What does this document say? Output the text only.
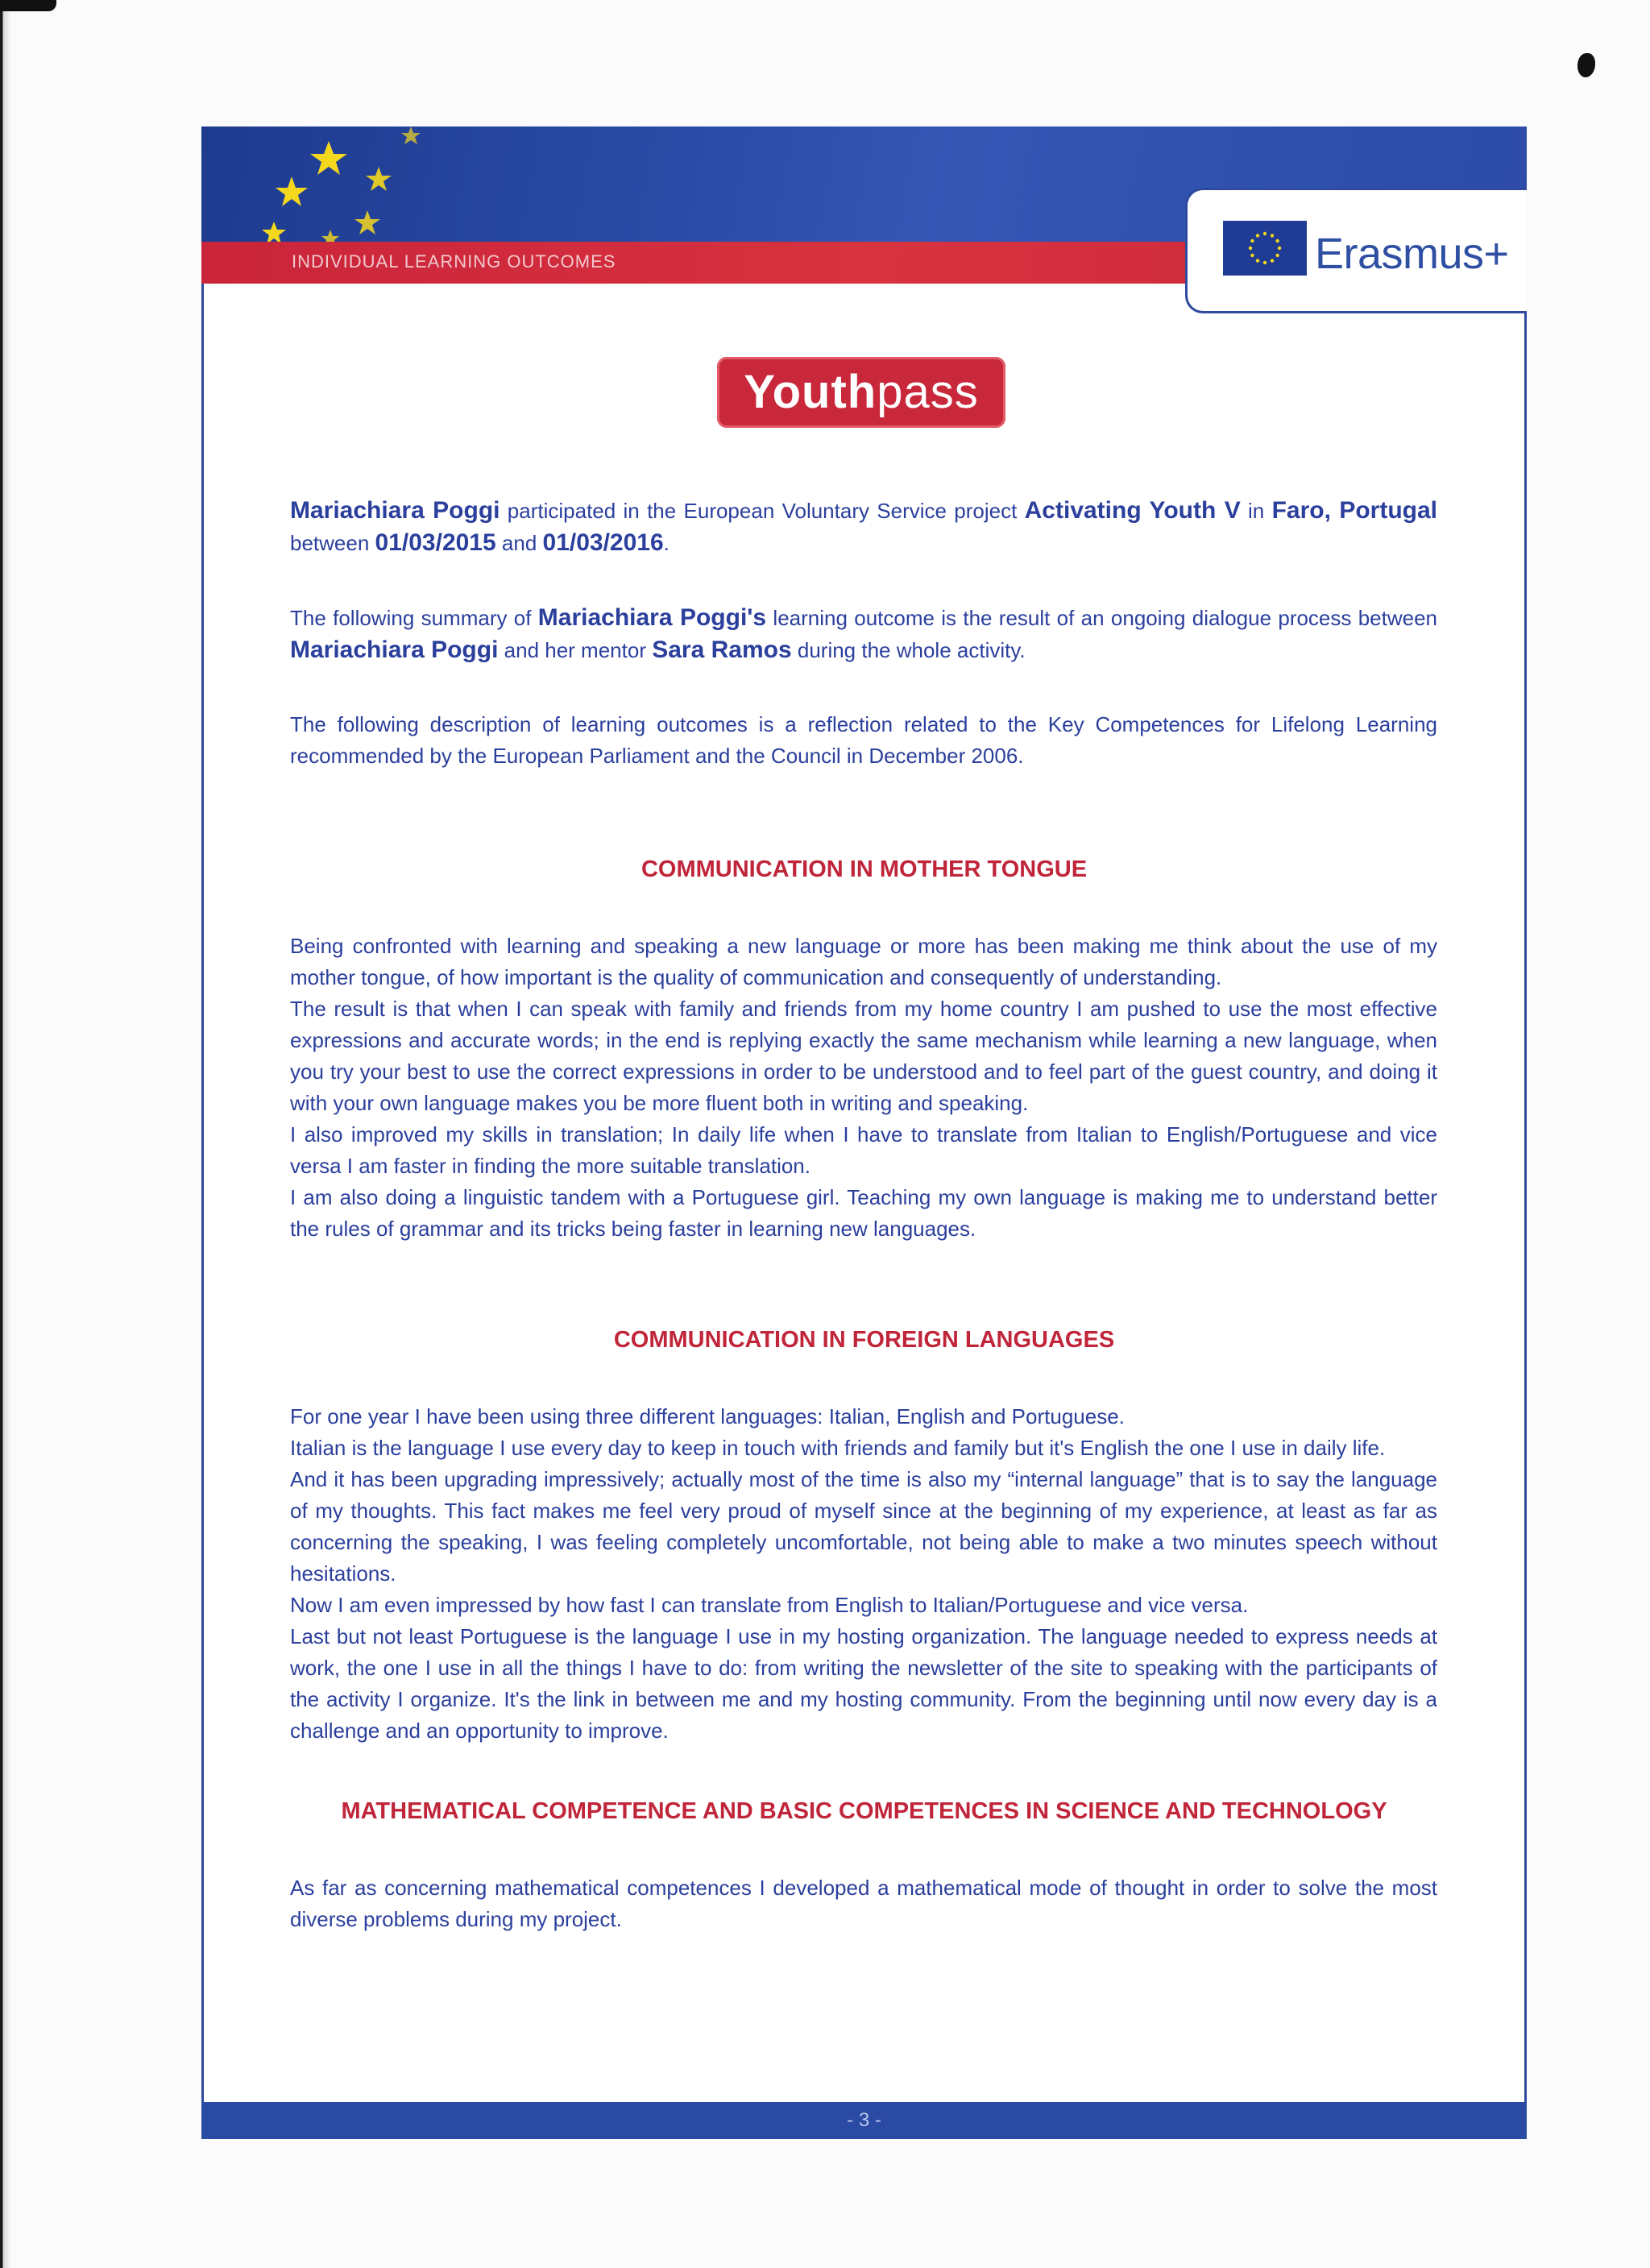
INDIVIDUAL LEARNING OUTCOMES	Erasmus+
Youthpass
Mariachiara Poggi participated in the European Voluntary Service project Activating Youth V in Faro, Portugal between 01/03/2015 and 01/03/2016.
The following summary of Mariachiara Poggi's learning outcome is the result of an ongoing dialogue process between Mariachiara Poggi and her mentor Sara Ramos during the whole activity.
The following description of learning outcomes is a reflection related to the Key Competences for Lifelong Learning recommended by the European Parliament and the Council in December 2006.
COMMUNICATION IN MOTHER TONGUE

Being confronted with learning and speaking a new language or more has been making me think about the use of my mother tongue, of how important is the quality of communication and consequently of understanding.

The result is that when I can speak with family and friends from my home country I am pushed to use the most effective expressions and accurate words; in the end is replying exactly the same mechanism while learning a new language, when you try your best to use the correct expressions in order to be understood and to feel part of the guest country, and doing it with your own language makes you be more fluent both in writing and speaking.

I also improved my skills in translation; In daily life when I have to translate from Italian to English/Portuguese and vice versa I am faster in finding the more suitable translation.

I am also doing a linguistic tandem with a Portuguese girl. Teaching my own language is making me to understand better the rules of grammar and its tricks being faster in learning new languages.

COMMUNICATION IN FOREIGN LANGUAGES

For one year I have been using three different languages: Italian, English and Portuguese.

Italian is the language I use every day to keep in touch with friends and family but it's English the one I use in daily life.

And it has been upgrading impressively; actually most of the time is also my “internal language” that is to say the language of my thoughts. This fact makes me feel very proud of myself since at the beginning of my experience, at least as far as concerning the speaking, I was feeling completely uncomfortable, not being able to make a two minutes speech without hesitations.

Now I am even impressed by how fast I can translate from English to Italian/Portuguese and vice versa.

Last but not least Portuguese is the language I use in my hosting organization. The language needed to express needs at work, the one I use in all the things I have to do: from writing the newsletter of the site to speaking with the participants of the activity I organize. It's the link in between me and my hosting community. From the beginning until now every day is a challenge and an opportunity to improve.

MATHEMATICAL COMPETENCE AND BASIC COMPETENCES IN SCIENCE AND TECHNOLOGY

As far as concerning mathematical competences I developed a mathematical mode of thought in order to solve the most diverse problems during my project.

- 3 -
